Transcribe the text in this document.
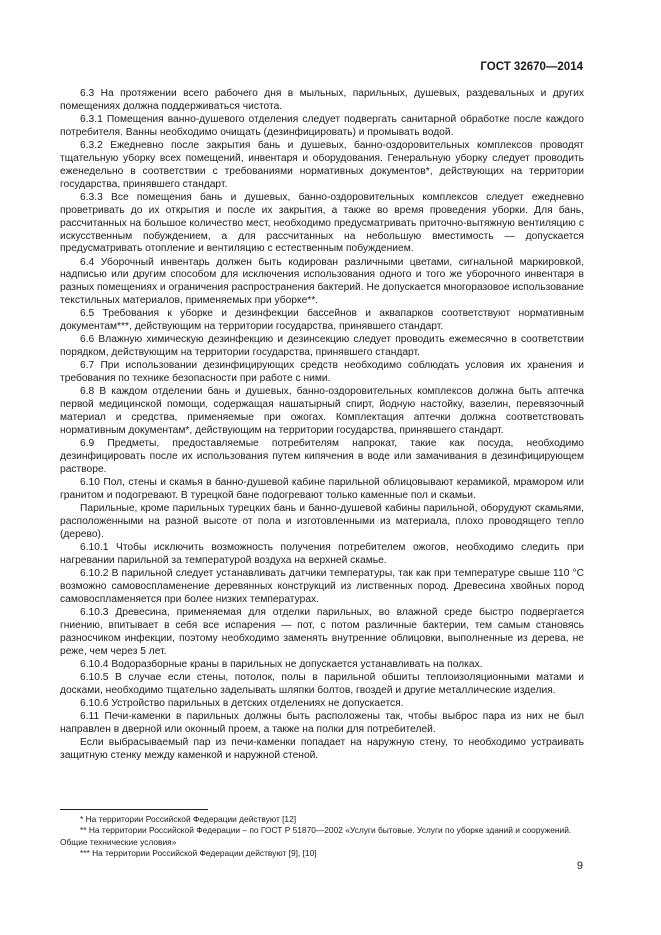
ГОСТ 32670—2014

6.3 На протяжении всего рабочего дня в мыльных, парильных, душевых, раздевальных и других помещениях должна поддерживаться чистота.

6.3.1 Помещения ванно-душевого отделения следует подвергать санитарной обработке после каждого потребителя. Ванны необходимо очищать (дезинфицировать) и промывать водой.

6.3.2 Ежедневно после закрытия бань и душевых, банно-оздоровительных комплексов проводят тщательную уборку всех помещений, инвентаря и оборудования. Генеральную уборку следует проводить еженедельно в соответствии с требованиями нормативных документов*, действующих на территории государства, принявшего стандарт.

6.3.3 Все помещения бань и душевых, банно-оздоровительных комплексов следует ежедневно проветривать до их открытия и после их закрытия, а также во время проведения уборки. Для бань, рассчитанных на большое количество мест, необходимо предусматривать приточно-вытяжную вентиляцию с искусственным побуждением, а для рассчитанных на небольшую вместимость — допускается предусматривать отопление и вентиляцию с естественным побуждением.

6.4 Уборочный инвентарь должен быть кодирован различными цветами, сигнальной маркировкой, надписью или другим способом для исключения использования одного и того же уборочного инвентаря в разных помещениях и ограничения распространения бактерий. Не допускается многоразовое использование текстильных материалов, применяемых при уборке**.

6.5 Требования к уборке и дезинфекции бассейнов и аквапарков соответствуют нормативным документам***, действующим на территории государства, принявшего стандарт.

6.6 Влажную химическую дезинфекцию и дезинсекцию следует проводить ежемесячно в соответствии порядком, действующим на территории государства, принявшего стандарт.

6.7 При использовании дезинфицирующих средств необходимо соблюдать условия их хранения и требования по технике безопасности при работе с ними.

6.8 В каждом отделении бань и душевых, банно-оздоровительных комплексов должна быть аптечка первой медицинской помощи, содержащая нашатырный спирт, йодную настойку, вазелин, перевязочный материал и средства, применяемые при ожогах. Комплектация аптечки должна соответствовать нормативным документам*, действующим на территории государства, принявшего стандарт.

6.9 Предметы, предоставляемые потребителям напрокат, такие как посуда, необходимо дезинфицировать после их использования путем кипячения в воде или замачивания в дезинфицирующем растворе.

6.10 Пол, стены и скамья в банно-душевой кабине парильной облицовывают керамикой, мрамором или гранитом и подогревают. В турецкой бане подогревают только каменные пол и скамьи.

Парильные, кроме парильных турецких бань и банно-душевой кабины парильной, оборудуют скамьями, расположенными на разной высоте от пола и изготовленными из материала, плохо проводящего тепло (дерево).

6.10.1 Чтобы исключить возможность получения потребителем ожогов, необходимо следить при нагревании парильной за температурой воздуха на верхней скамье.

6.10.2 В парильной следует устанавливать датчики температуры, так как при температуре свыше 110 °С возможно самовоспламенение деревянных конструкций из лиственных пород. Древесина хвойных пород самовоспламеняется при более низких температурах.

6.10.3 Древесина, применяемая для отделки парильных, во влажной среде быстро подвергается гниению, впитывает в себя все испарения — пот, с потом различные бактерии, тем самым становясь разносчиком инфекции, поэтому необходимо заменять внутренние облицовки, выполненные из дерева, не реже, чем через 5 лет.

6.10.4 Водоразборные краны в парильных не допускается устанавливать на полках.

6.10.5 В случае если стены, потолок, полы в парильной обшиты теплоизоляционными матами и досками, необходимо тщательно заделывать шляпки болтов, гвоздей и другие металлические изделия.

6.10.6 Устройство парильных в детских отделениях не допускается.

6.11 Печи-каменки в парильных должны быть расположены так, чтобы выброс пара из них не был направлен в дверной или оконный проем, а также на полки для потребителей.

Если выбрасываемый пар из печи-каменки попадает на наружную стену, то необходимо устраивать защитную стенку между каменкой и наружной стеной.

* На территории Российской Федерации действуют [12]

** На территории Российской Федерации – по ГОСТ Р 51870—2002 «Услуги бытовые. Услуги по уборке зданий и сооружений. Общие технические условия»

*** На территории Российской Федерации действуют [9], [10]

9
